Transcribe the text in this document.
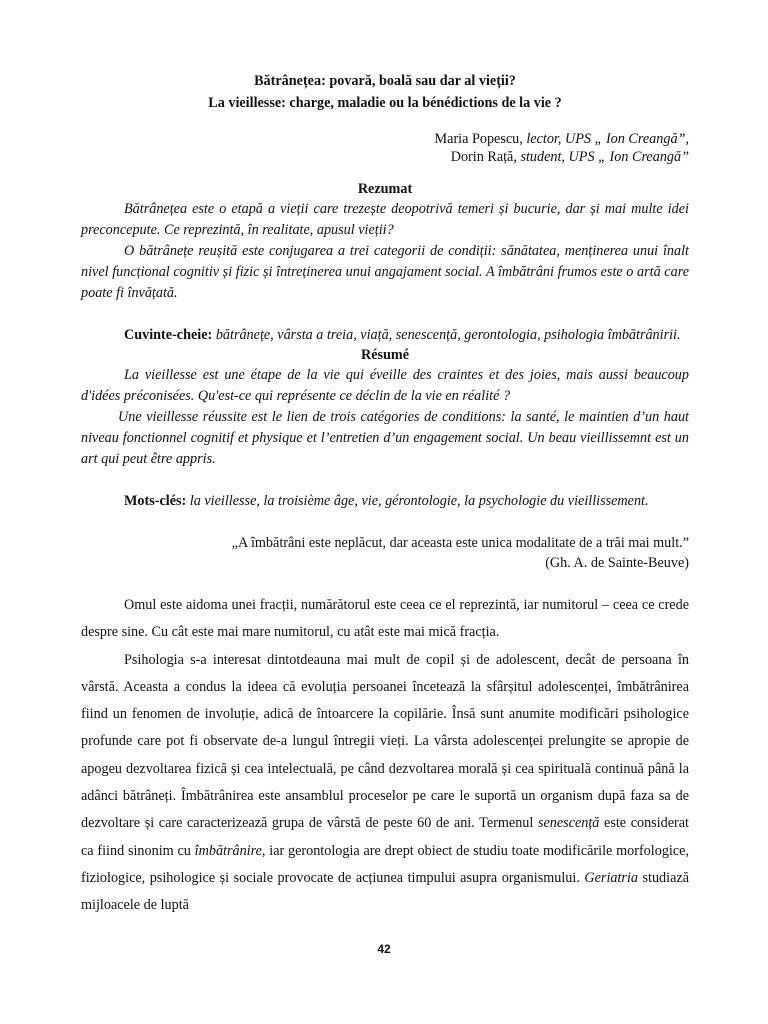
Bătrânețea: povară, boală sau dar al vieții?
La vieillesse: charge, maladie ou la bénédictions de la vie ?
Maria Popescu, lector, UPS „ Ion Creangă”,
Dorin Rață, student, UPS „ Ion Creangă”
Rezumat

Bătrânețea este o etapă a vieții care trezește deopotrivă temeri și bucurie, dar și mai multe idei preconcepute. Ce reprezintă, în realitate, apusul vieții?

O bătrânețe reușită este conjugarea a trei categorii de condiții: sănătatea, menținerea unui înalt nivel funcțional cognitiv și fizic și întreținerea unui angajament social. A îmbătrâni frumos este o artă care poate fi învățată.

Cuvinte-cheie: bătrânețe, vârsta a treia, viață, senescență, gerontologia, psihologia îmbătrânirii.
Résumé

La vieillesse est une étape de la vie qui éveille des craintes et des joies, mais aussi beaucoup d'idées préconisées. Qu'est-ce qui représente ce déclin de la vie en réalité ?

Une vieillesse réussite est le lien de trois catégories de conditions: la santé, le maintien d’un haut niveau fonctionnel cognitif et physique et l’entretien d’un engagement social. Un beau vieillissemnt est un art qui peut être appris.

Mots-clés: la vieillesse, la troisième âge, vie, gérontologie, la psychologie du vieillissement.
„A îmbătrâni este neplăcut, dar aceasta este unica modalitate de a trăi mai mult.”
(Gh. A. de Sainte-Beuve)

Omul este aidoma unei fracții, numărătorul este ceea ce el reprezintă, iar numitorul – ceea ce crede despre sine. Cu cât este mai mare numitorul, cu atât este mai mică fracția.

Psihologia s-a interesat dintotdeauna mai mult de copil și de adolescent, decât de persoana în vârstă. Aceasta a condus la ideea că evoluția persoanei încetează la sfârșitul adolescenței, îmbătrânirea fiind un fenomen de involuție, adică de întoarcere la copilărie. Însă sunt anumite modificări psihologice profunde care pot fi observate de-a lungul întregii vieți. La vârsta adolescenței prelungite se apropie de apogeu dezvoltarea fizică și cea intelectuală, pe când dezvoltarea morală și cea spirituală continuă până la adânci bătrâneți. Îmbătrânirea este ansamblul proceselor pe care le suportă un organism după faza sa de dezvoltare și care caracterizează grupa de vârstă de peste 60 de ani. Termenul senescență este considerat ca fiind sinonim cu îmbătrânire, iar gerontologia are drept obiect de studiu toate modificările morfologice, fiziologice, psihologice și sociale provocate de acțiunea timpului asupra organismului. Geriatria studiază mijloacele de luptă

42
